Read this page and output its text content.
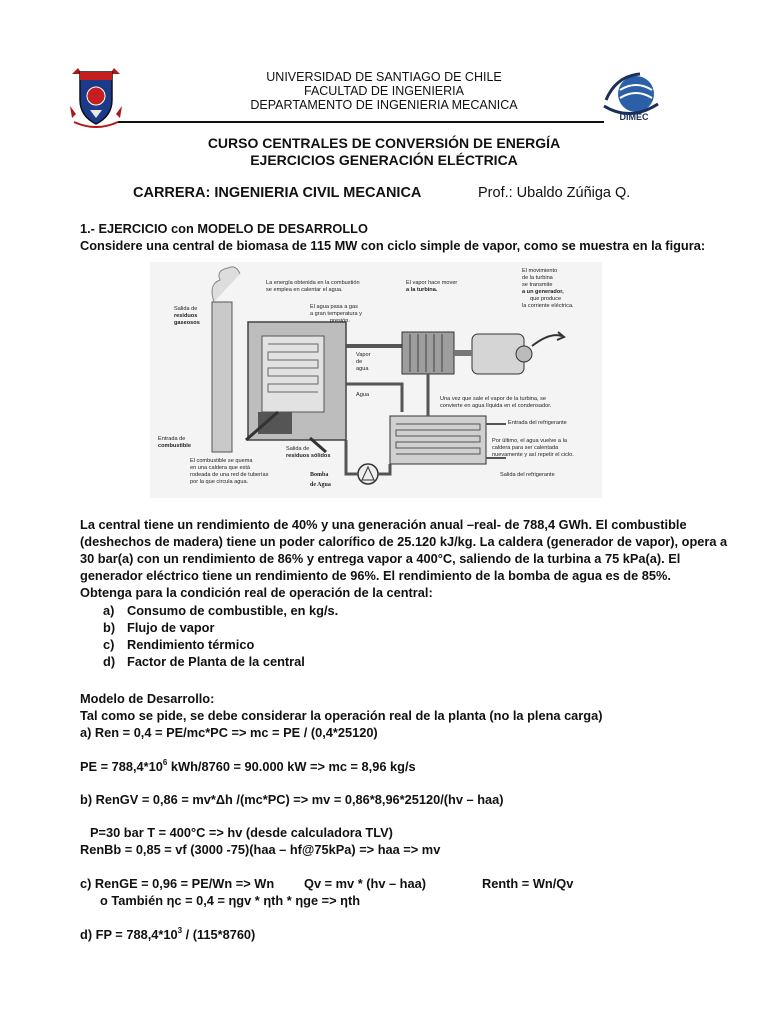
UNIVERSIDAD DE SANTIAGO DE CHILE
FACULTAD DE INGENIERIA
DEPARTAMENTO DE INGENIERIA MECANICA
DIMEC
CURSO CENTRALES DE CONVERSIÓN DE ENERGÍA
EJERCICIOS GENERACIÓN ELÉCTRICA
CARRERA: INGENIERIA CIVIL MECANICA	Prof.: Ubaldo Zúñiga Q.

1.- EJERCICIO con MODELO DE DESARROLLO

Considere una central de biomasa de 115 MW con ciclo simple de vapor, como se muestra en la figura:

Salida de
residuos
gaseosos
La energía obtenida en la combustión
se emplea en calentar el agua.
El agua pasa a gas
a gran temperatura y
presión.
El vapor hace mover
a la turbina.
El movimiento
de la turbina
se transmite
a un generador,
que produce
la corriente eléctrica.
Vapor
de
agua
Agua
Una vez que sale el vapor de la turbina, se
convierte en agua líquida en el condensador.
Entrada del refrigerante
Entrada de
combustible
El combustible se quema
en una caldera que está
rodeada de una red de tuberías
por la que circula agua.
Salida de
residuos sólidos
Por último, el agua vuelve a la
caldera para ser calentada
nuevamente y así repetir el ciclo.
Salida del refrigerante
Bomba
de Agua

La central tiene un rendimiento de 40% y una generación anual –real- de 788,4 GWh. El combustible

(deshechos de madera) tiene un poder calorífico de 25.120 kJ/kg. La caldera (generador de vapor), opera a

30 bar(a) con un rendimiento de 86% y entrega vapor a 400°C, saliendo de la turbina a 75 kPa(a). El

generador eléctrico tiene un rendimiento de 96%. El rendimiento de la bomba de agua es de 85%.

Obtenga para la condición real de operación de la central:

a) Consumo de combustible, en kg/s.
b) Flujo de vapor
c) Rendimiento térmico
d) Factor de Planta de la central

Modelo de Desarrollo:

Tal como se pide, se debe considerar la operación real de la planta (no la plena carga)

a) Ren = 0,4 = PE/mc*PC => mc = PE / (0,4*25120)

PE = $788,4*10^6$ kWh/8760 = 90.000 kW => mc = 8,96 kg/s
b) RenGV = 0,86 = mv*Δh /(mc*PC) => mv = 0,86*8,96*25120/(hv – haa)
P=30 bar T = 400°C => hv (desde calculadora TLV)
RenBb = 0,85 = vf (3000 -75)(haa – hf@75kPa) => haa => mv
c) RenGE = 0,96 = PE/Wn => Wn Qv = mv * (hv – haa)	Renth = Wn/Qv
o También ηc = 0,4 = ηgv * ηth * ηge => ηth
d) FP = $788,4*10^3 / (115*8760)$
